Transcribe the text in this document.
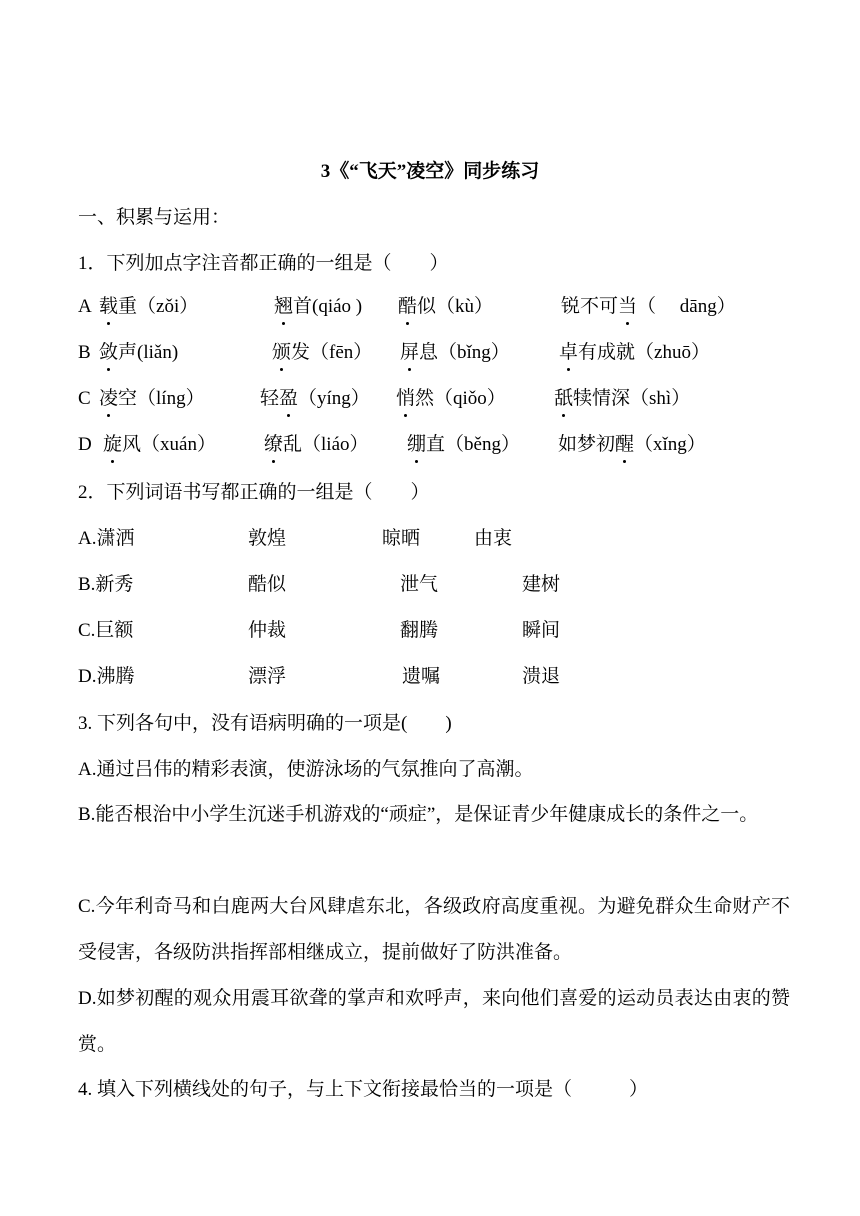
3《“飞天”凌空》同步练习
一、积累与运用：
1．下列加点字注音都正确的一组是（　　）
A 载重（zǒi）	翘首(qiáo ) 酷似（kù）	锐不可当（ 　dāng）
B 敛声(liǎn)	颁发（fēn） 屏息（bǐng）	卓有成就（zhuō）
C 凌空（líng）	轻盈（yíng） 悄然（qiǒo）	舐犊情深（shì）
D 旋风（xuán）	缭乱（liáo） 绷直（běng） 如梦初醒（xǐng）
2．下列词语书写都正确的一组是（　　）
A.潇洒	敦煌	晾晒	由衷
B.新秀	酷似	泄气	建树
C.巨额	仲裁	翻腾	瞬间
D.沸腾	漂浮	遗嘱	溃退
3. 下列各句中，没有语病明确的一项是(　　)
A.通过吕伟的精彩表演，使游泳场的气氛推向了高潮。
B.能否根治中小学生沉迷手机游戏的“顽症”，是保证青少年健康成长的条件之一。
C.今年利奇马和白鹿两大台风肆虐东北，各级政府高度重视。为避免群众生命财产不受侵害，各级防洪指挥部相继成立，提前做好了防洪准备。
D.如梦初醒的观众用震耳欲聋的掌声和欢呼声，来向他们喜爱的运动员表达由衷的赞赏。
4. 填入下列横线处的句子，与上下文衔接最恰当的一项是（　　　）
